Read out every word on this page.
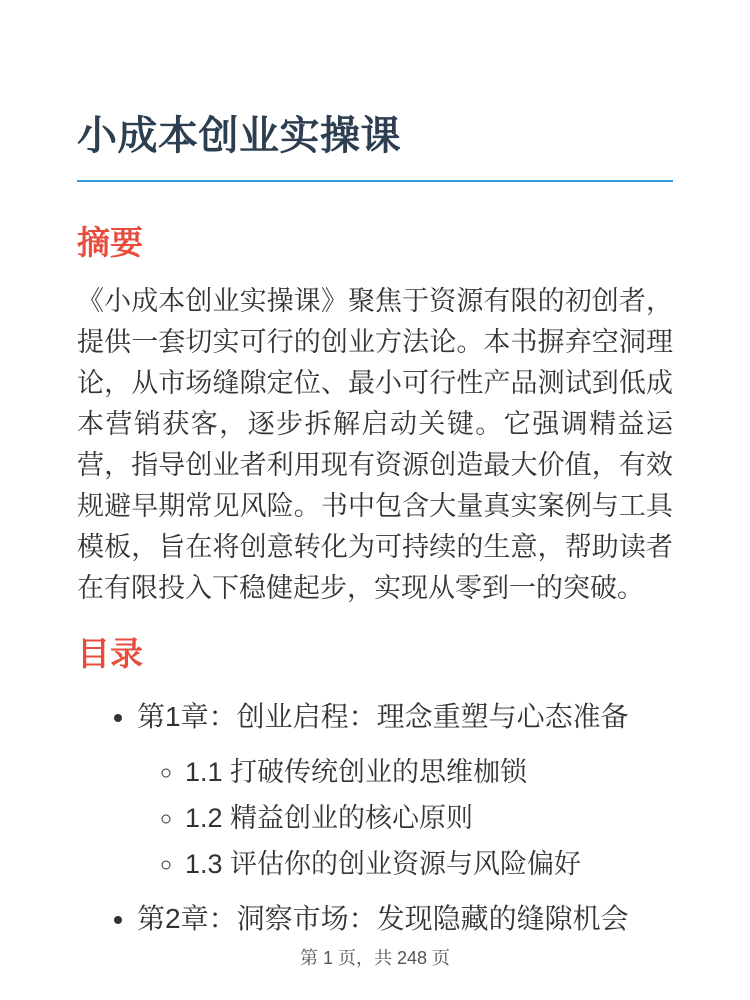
小成本创业实操课
摘要

《小成本创业实操课》聚焦于资源有限的初创者，提供一套切实可行的创业方法论。本书摒弃空洞理论，从市场缝隙定位、最小可行性产品测试到低成本营销获客，逐步拆解启动关键。它强调精益运营，指导创业者利用现有资源创造最大价值，有效规避早期常见风险。书中包含大量真实案例与工具模板，旨在将创意转化为可持续的生意，帮助读者在有限投入下稳健起步，实现从零到一的突破。

目录
• 第1章：创业启程：理念重塑与心态准备
◦ 1.1 打破传统创业的思维枷锁
◦ 1.2 精益创业的核心原则
◦ 1.3 评估你的创业资源与风险偏好
• 第2章：洞察市场：发现隐藏的缝隙机会
第 1 页，共 248 页
